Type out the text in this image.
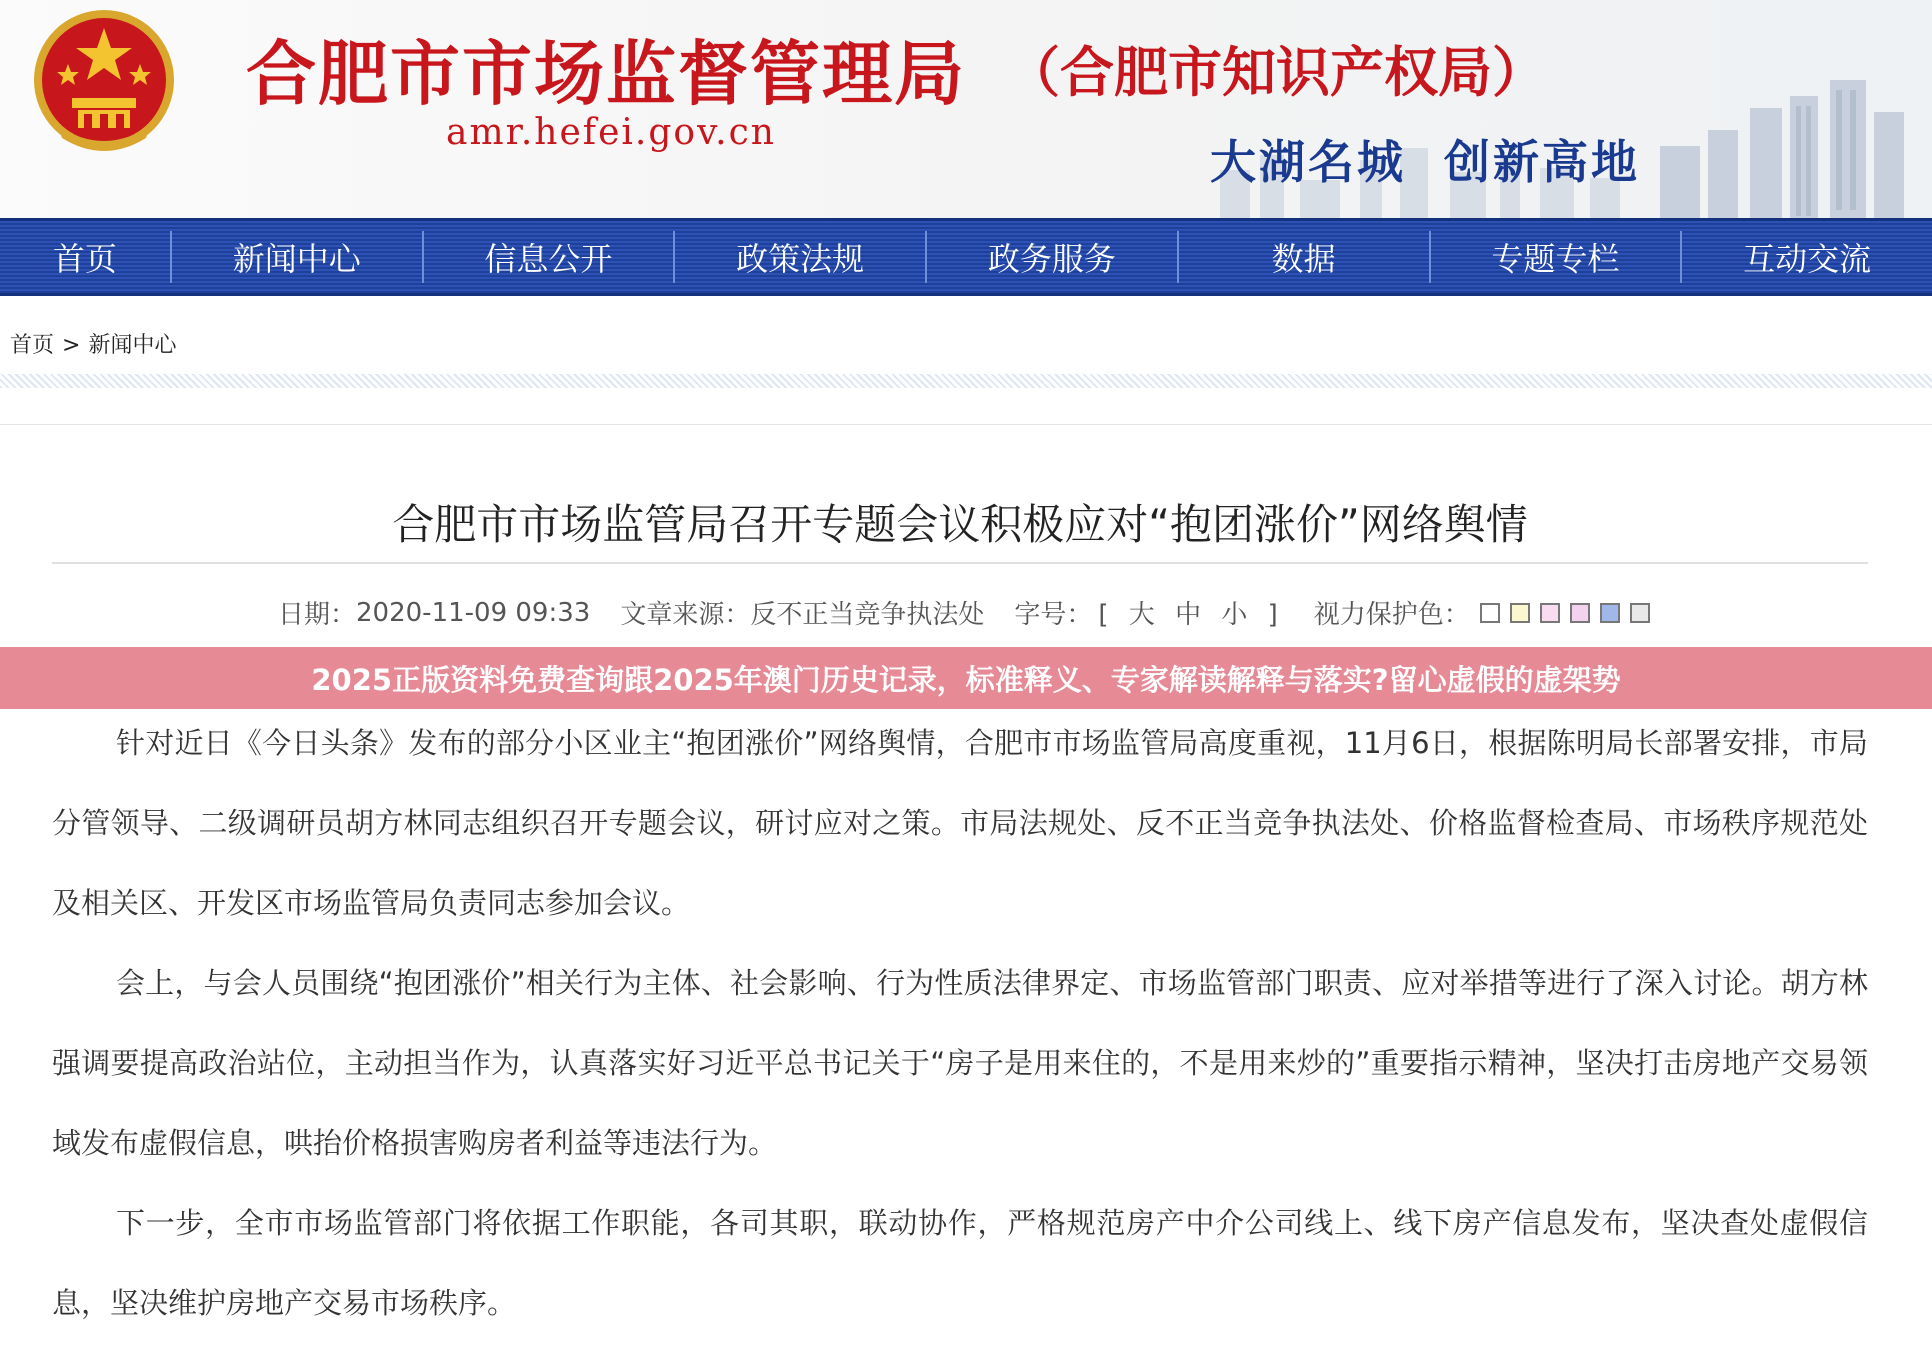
合肥市市场监督管理局 （合肥市知识产权局）
amr.hefei.gov.cn
大湖名城  创新高地
首页	新闻中心	信息公开	政策法规	政务服务	数据	专题专栏	互动交流
首页 > 新闻中心
合肥市市场监管局召开专题会议积极应对“抱团涨价”网络舆情
日期： 2020-11-09 09:33 文章来源： 反不正当竞争执法处 字号： [ 大 中 小 ] 视力保护色：
2025正版资料免费查询跟2025年澳门历史记录，标准释义、专家解读解释与落实?留心虚假的虚架势

针对近日《今日头条》发布的部分小区业主“抱团涨价”网络舆情，合肥市市场监管局高度重视，11月6日，根据陈明局长部署安排，市局分管领导、二级调研员胡方林同志组织召开专题会议，研讨应对之策。市局法规处、反不正当竞争执法处、价格监督检查局、市场秩序规范处及相关区、开发区市场监管局负责同志参加会议。

会上，与会人员围绕“抱团涨价”相关行为主体、社会影响、行为性质法律界定、市场监管部门职责、应对举措等进行了深入讨论。胡方林强调要提高政治站位，主动担当作为，认真落实好习近平总书记关于“房子是用来住的，不是用来炒的”重要指示精神，坚决打击房地产交易领域发布虚假信息，哄抬价格损害购房者利益等违法行为。

下一步，全市市场监管部门将依据工作职能，各司其职，联动协作，严格规范房产中介公司线上、线下房产信息发布，坚决查处虚假信息，坚决维护房地产交易市场秩序。
